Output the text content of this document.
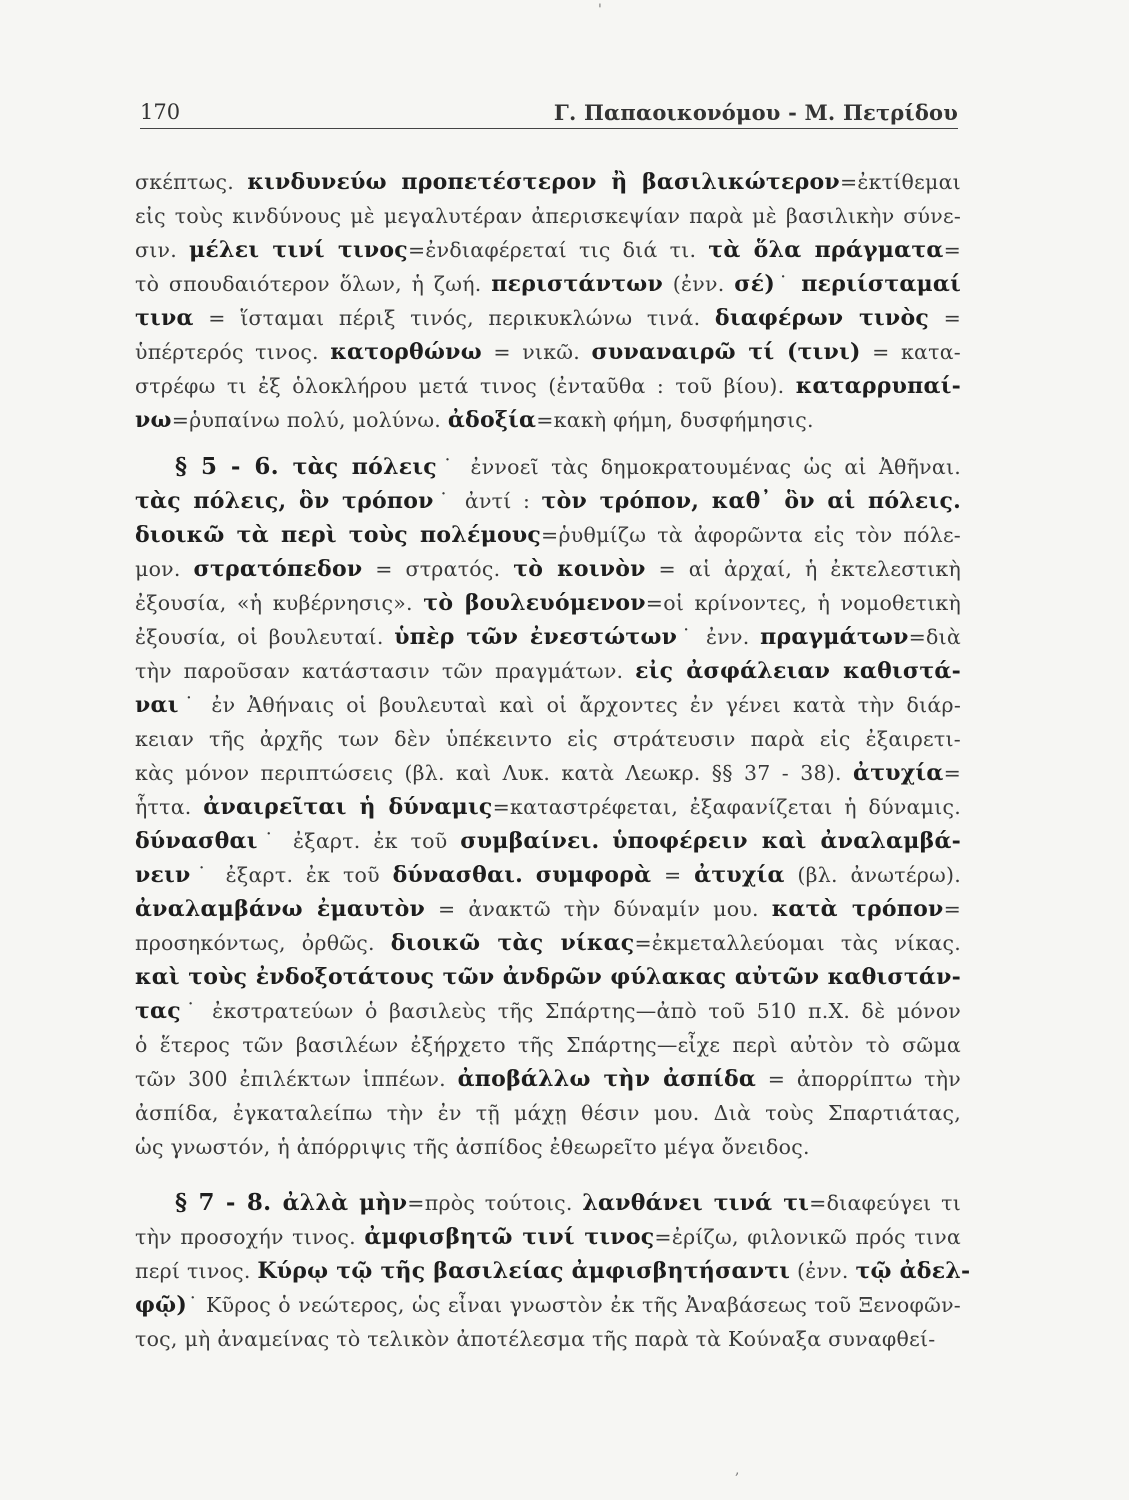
'
170	Γ. Παπαοικονόμου - Μ. Πετρίδου
σκέπτως. κινδυνεύω προπετέστερον ἢ βασιλικώτερον=ἐκτίθεμαι
εἰς τοὺς κινδύνους μὲ μεγαλυτέραν ἀπερισκεψίαν παρὰ μὲ βασιλικὴν σύνε-
σιν. μέλει τινί τινος=ἐνδιαφέρεταί τις διά τι. τὰ ὅλα πράγματα=
τὸ σπουδαιότερον ὅλων, ἡ ζωή. περιστάντων (ἐνν. σέ)˙ περιίσταμαί
τινα = ἵσταμαι πέριξ τινός, περικυκλώνω τινά. διαφέρων τινὸς =
ὑπέρτερός τινος. κατορθώνω = νικῶ. συναναιρῶ τί (τινι) = κατα-
στρέφω τι ἐξ ὁλοκλήρου μετά τινος (ἐνταῦθα : τοῦ βίου). καταρρυπαί-
νω=ῥυπαίνω πολύ, μολύνω. ἀδοξία=κακὴ φήμη, δυσφήμησις.
§ 5 - 6. τὰς πόλεις˙ ἐννοεῖ τὰς δημοκρατουμένας ὡς αἱ Ἀθῆναι.
τὰς πόλεις, ὃν τρόπον˙ ἀντί : τὸν τρόπον, καθ᾽ ὃν αἱ πόλεις.
διοικῶ τὰ περὶ τοὺς πολέμους=ῥυθμίζω τὰ ἀφορῶντα εἰς τὸν πόλε-
μον. στρατόπεδον = στρατός. τὸ κοινὸν = αἱ ἀρχαί, ἡ ἐκτελεστικὴ
ἐξουσία, «ἡ κυβέρνησις». τὸ βουλευόμενον=οἱ κρίνοντες, ἡ νομοθετικὴ
ἐξουσία, οἱ βουλευταί. ὑπὲρ τῶν ἐνεστώτων˙ ἐνν. πραγμάτων=διὰ
τὴν παροῦσαν κατάστασιν τῶν πραγμάτων. εἰς ἀσφάλειαν καθιστά-
ναι˙ ἐν Ἀθήναις οἱ βουλευταὶ καὶ οἱ ἄρχοντες ἐν γένει κατὰ τὴν διάρ-
κειαν τῆς ἀρχῆς των δὲν ὑπέκειντο εἰς στράτευσιν παρὰ εἰς ἐξαιρετι-
κὰς μόνον περιπτώσεις (βλ. καὶ Λυκ. κατὰ Λεωκρ. §§ 37 - 38). ἀτυχία=
ἧττα. ἀναιρεῖται ἡ δύναμις=καταστρέφεται, ἐξαφανίζεται ἡ δύναμις.
δύνασθαι˙ ἐξαρτ. ἐκ τοῦ συμβαίνει. ὑποφέρειν καὶ ἀναλαμβά-
νειν˙ ἐξαρτ. ἐκ τοῦ δύνασθαι. συμφορὰ = ἀτυχία (βλ. ἀνωτέρω).
ἀναλαμβάνω ἐμαυτὸν = ἀνακτῶ τὴν δύναμίν μου. κατὰ τρόπον=
προσηκόντως, ὀρθῶς. διοικῶ τὰς νίκας=ἐκμεταλλεύομαι τὰς νίκας.
καὶ τοὺς ἐνδοξοτάτους τῶν ἀνδρῶν φύλακας αὐτῶν καθιστάν-
τας˙ ἐκστρατεύων ὁ βασιλεὺς τῆς Σπάρτης—ἀπὸ τοῦ 510 π.Χ. δὲ μόνον
ὁ ἕτερος τῶν βασιλέων ἐξήρχετο τῆς Σπάρτης—εἶχε περὶ αὐτὸν τὸ σῶμα
τῶν 300 ἐπιλέκτων ἱππέων. ἀποβάλλω τὴν ἀσπίδα = ἀπορρίπτω τὴν
ἀσπίδα, ἐγκαταλείπω τὴν ἐν τῇ μάχῃ θέσιν μου. Διὰ τοὺς Σπαρτιάτας,
ὡς γνωστόν, ἡ ἀπόρριψις τῆς ἀσπίδος ἐθεωρεῖτο μέγα ὄνειδος.
§ 7 - 8. ἀλλὰ μὴν=πρὸς τούτοις. λανθάνει τινά τι=διαφεύγει τι
τὴν προσοχήν τινος. ἀμφισβητῶ τινί τινος=ἐρίζω, φιλονικῶ πρός τινα
περί τινος. Κύρῳ τῷ τῆς βασιλείας ἀμφισβητήσαντι (ἐνν. τῷ ἀδελ-
φῷ)˙ Κῦρος ὁ νεώτερος, ὡς εἶναι γνωστὸν ἐκ τῆς Ἀναβάσεως τοῦ Ξενοφῶν-
τος, μὴ ἀναμείνας τὸ τελικὸν ἀποτέλεσμα τῆς παρὰ τὰ Κούναξα συναφθεί-
,
